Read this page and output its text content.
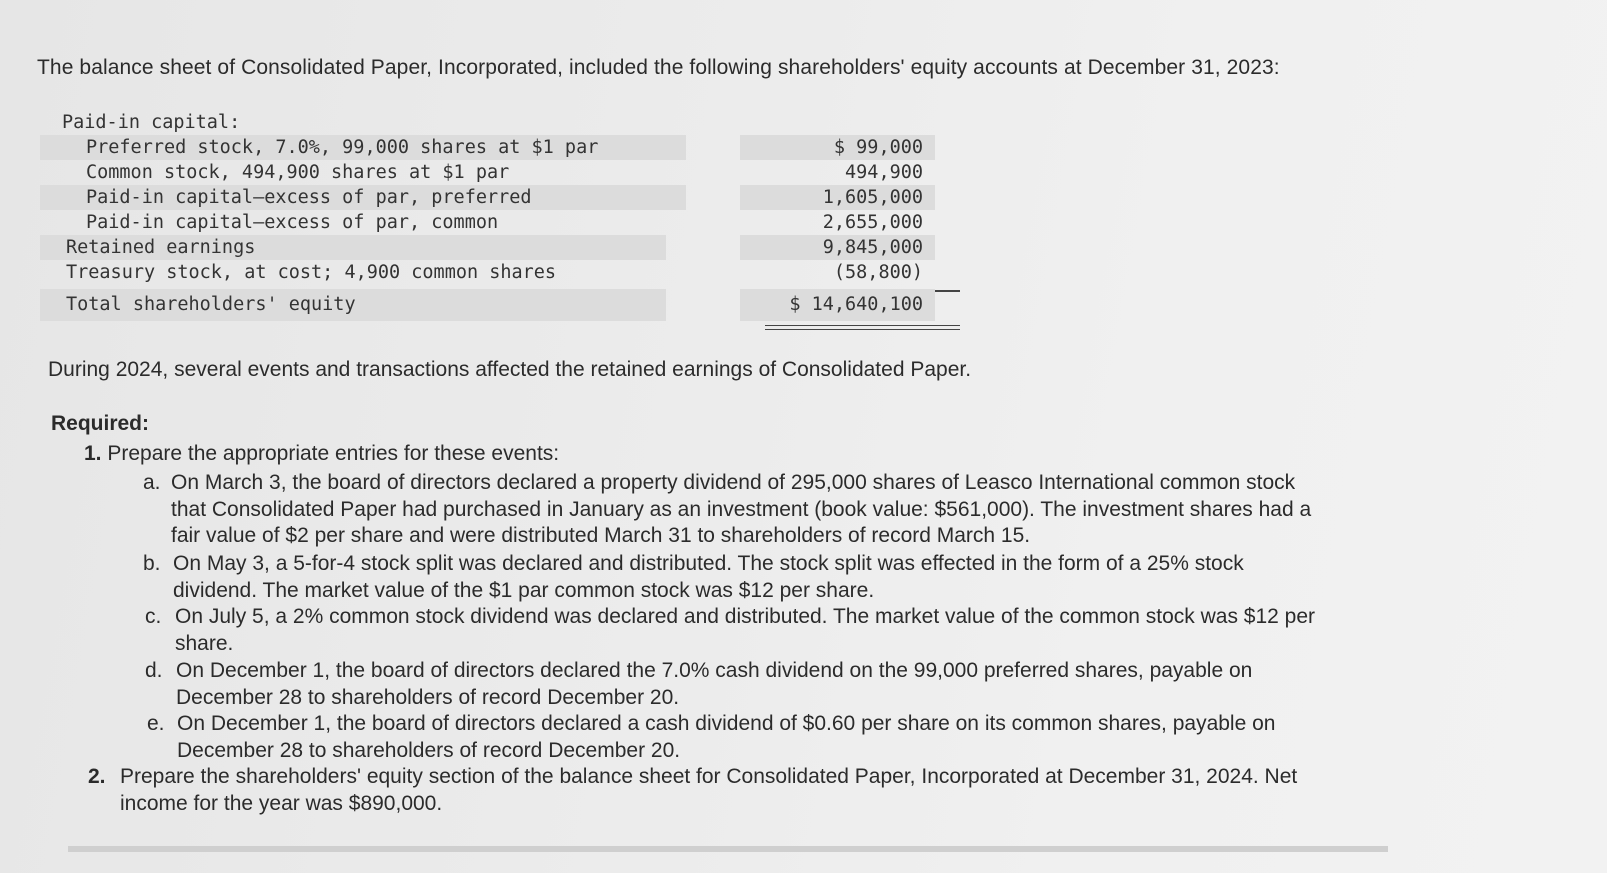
The balance sheet of Consolidated Paper, Incorporated, included the following shareholders' equity accounts at December 31, 2023:
Paid-in capital:
Preferred stock, 7.0%, 99,000 shares at $1 par	$ 99,000
Common stock, 494,900 shares at $1 par	494,900
Paid-in capital—excess of par, preferred	1,605,000
Paid-in capital—excess of par, common	2,655,000
Retained earnings	9,845,000
Treasury stock, at cost; 4,900 common shares	(58,800)
Total shareholders' equity	$ 14,640,100
During 2024, several events and transactions affected the retained earnings of Consolidated Paper.
Required:
1. Prepare the appropriate entries for these events:
a. On March 3, the board of directors declared a property dividend of 295,000 shares of Leasco International common stock
that Consolidated Paper had purchased in January as an investment (book value: $561,000). The investment shares had a
fair value of $2 per share and were distributed March 31 to shareholders of record March 15.
b. On May 3, a 5-for-4 stock split was declared and distributed. The stock split was effected in the form of a 25% stock
dividend. The market value of the $1 par common stock was $12 per share.
c. On July 5, a 2% common stock dividend was declared and distributed. The market value of the common stock was $12 per
share.
d. On December 1, the board of directors declared the 7.0% cash dividend on the 99,000 preferred shares, payable on
December 28 to shareholders of record December 20.
e. On December 1, the board of directors declared a cash dividend of $0.60 per share on its common shares, payable on
December 28 to shareholders of record December 20.
2. Prepare the shareholders' equity section of the balance sheet for Consolidated Paper, Incorporated at December 31, 2024. Net
income for the year was $890,000.
